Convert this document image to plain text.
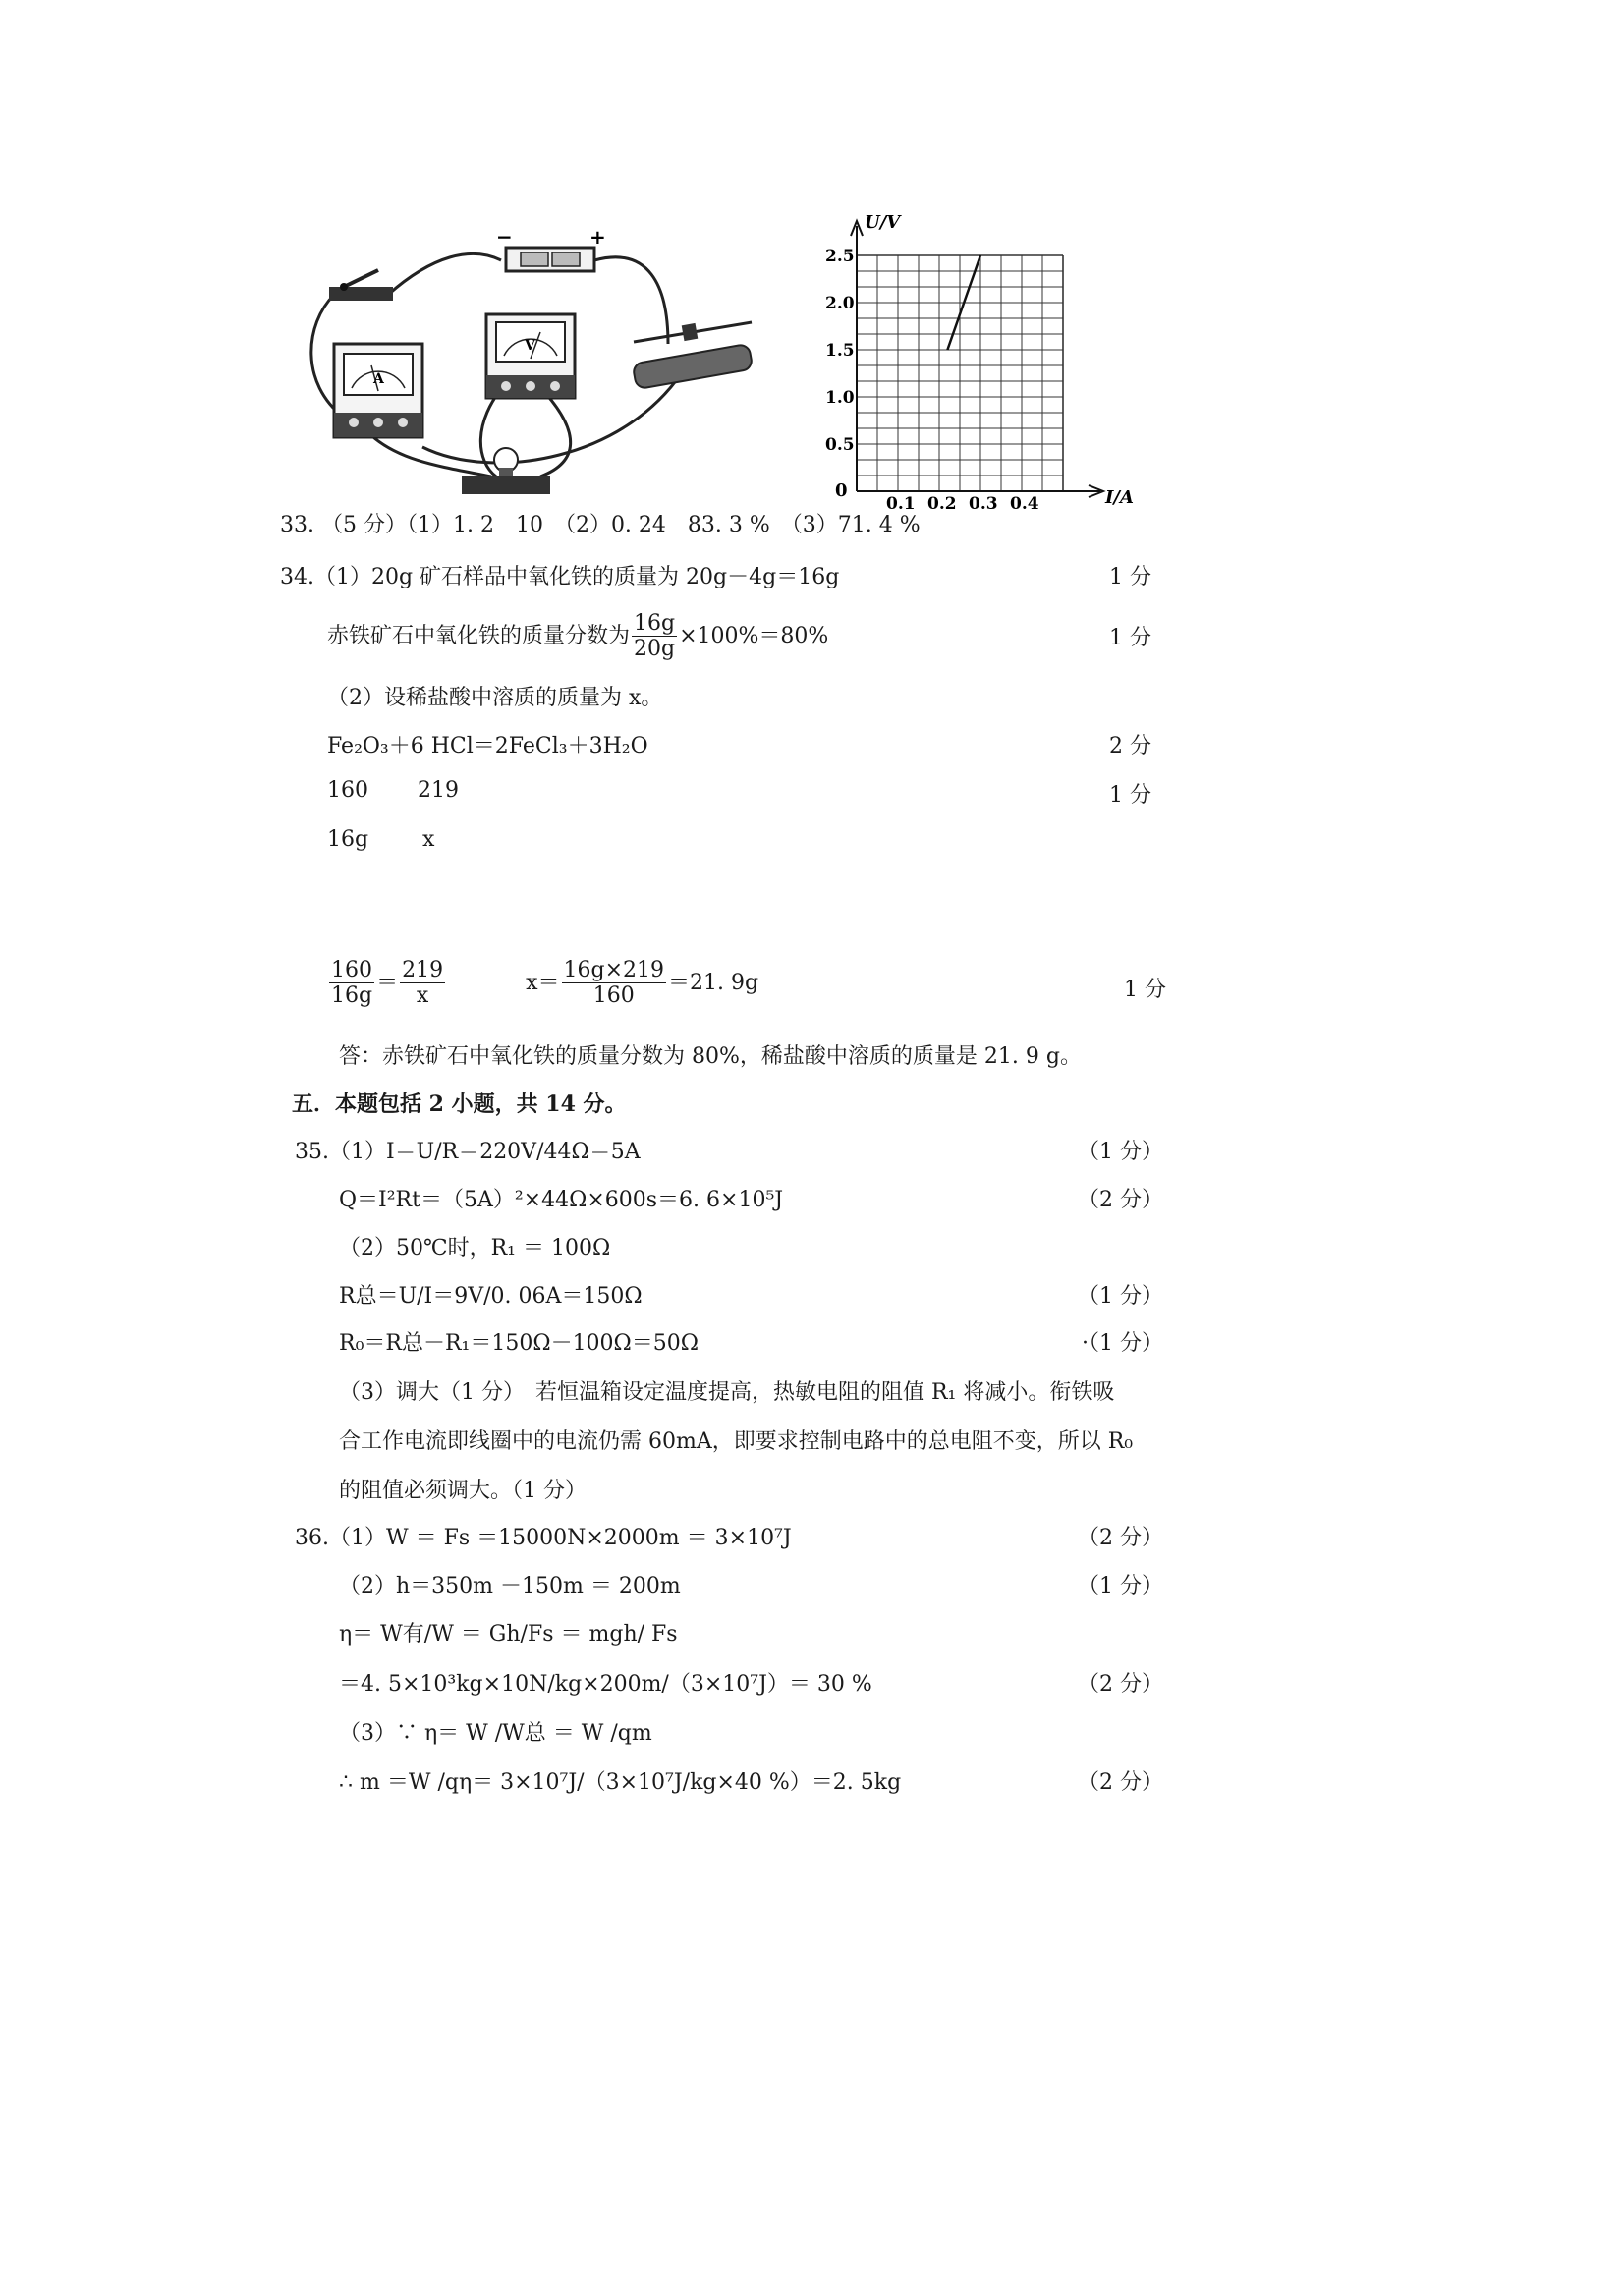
−	+
A
V
2.5
2.0
1.5
1.0
0.5
0.1 0.2 0.3 0.4
U/V
I/A
0
33. （5 分）（1）1. 2　10　（2）0. 24　83. 3 %　（3）71. 4 %
34.（1）20g 矿石样品中氧化铁的质量为 20g－4g＝16g	1 分
赤铁矿石中氧化铁的质量分数为 $\frac{16g}{20g} \times 100\%=80\%$	1 分
（2）设稀盐酸中溶质的质量为 x。
Fe₂O₃＋6 HCl＝2FeCl₃＋3H₂O	2 分
160 219	1 分
16g x
$\frac{160}{16g} = \frac{219}{x}$	$x= \frac{16g\times 219}{160} =21$. 9g	1 分
答：赤铁矿石中氧化铁的质量分数为 80%，稀盐酸中溶质的质量是 21. 9 g。
五．本题包括 2 小题，共 14 分。
35.（1）I＝U/R＝220V/44Ω＝5A	（1 分）
Q＝I²Rt＝（5A）²×44Ω×600s＝6. 6×10⁵J	（2 分）
（2）50℃时，R₁ ＝ 100Ω
R总＝U/I＝9V/0. 06A＝150Ω	（1 分）
R₀＝R总－R₁＝150Ω－100Ω＝50Ω	·（1 分）
（3）调大（1 分）　若恒温箱设定温度提高，热敏电阻的阻值 R₁ 将减小。衔铁吸
合工作电流即线圈中的电流仍需 60mA，即要求控制电路中的总电阻不变，所以 R₀
的阻值必须调大。（1 分）
36.（1）W ＝ Fs ＝15000N×2000m ＝ 3×10⁷J	（2 分）
（2）h＝350m －150m ＝ 200m	（1 分）
η＝ W有/W ＝ Gh/Fs ＝ mgh/ Fs
＝4. 5×10³kg×10N/kg×200m/（3×10⁷J）＝ 30 %	（2 分）
（3）∵ η＝ W /W总 ＝ W /qm
∴ m ＝W /qη＝ 3×10⁷J/（3×10⁷J/kg×40 %）＝2. 5kg	（2 分）
